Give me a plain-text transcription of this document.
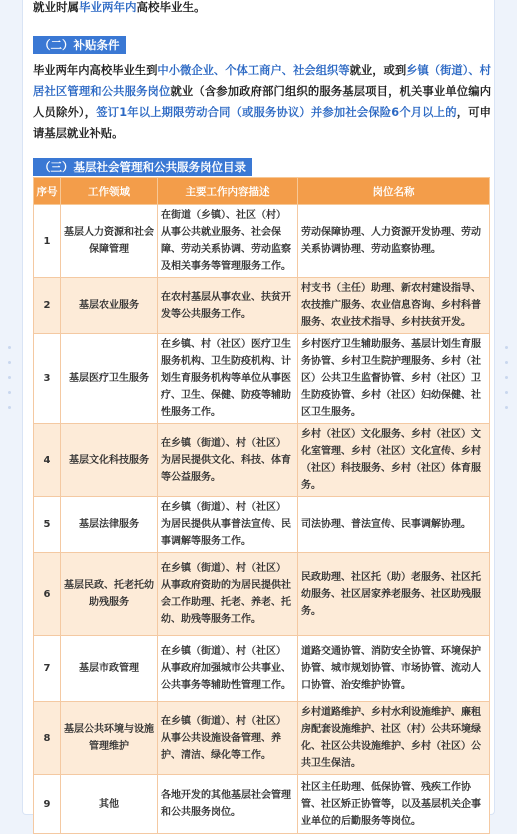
就业时属毕业两年内高校毕业生。
（二）补贴条件
毕业两年内高校毕业生到中小微企业、个体工商户、社会组织等就业，或到乡镇（街道）、村居社区管理和公共服务岗位就业（含参加政府部门组织的服务基层项目，机关事业单位编内人员除外），签订1年以上期限劳动合同（或服务协议）并参加社会保险6个月以上的，可申请基层就业补贴。
（三）基层社会管理和公共服务岗位目录
序号	工作领域	主要工作内容描述	岗位名称
1	基层人力资源和社会保障管理	在街道（乡镇）、社区（村）从事公共就业服务、社会保障、劳动关系协调、劳动监察及相关事务等管理服务工作。	劳动保障协理、人力资源开发协理、劳动关系协调协理、劳动监察协理。
2	基层农业服务	在农村基层从事农业、扶贫开发等公共服务工作。	村支书（主任）助理、新农村建设指导、农技推广服务、农业信息咨询、乡村科普服务、农业技术指导、乡村扶贫开发。
3	基层医疗卫生服务	在乡镇、村（社区）医疗卫生服务机构、卫生防疫机构、计划生育服务机构等单位从事医疗、卫生、保健、防疫等辅助性服务工作。	乡村医疗卫生辅助服务、基层计划生育服务协管、乡村卫生院护理服务、乡村（社区）公共卫生监督协管、乡村（社区）卫生防疫协管、乡村（社区）妇幼保健、社区卫生服务。
4	基层文化科技服务	在乡镇（街道）、村（社区）为居民提供文化、科技、体育等公益服务。	乡村（社区）文化服务、乡村（社区）文化室管理、乡村（社区）文化宣传、乡村（社区）科技服务、乡村（社区）体育服务。
5	基层法律服务	在乡镇（街道）、村（社区）为居民提供从事普法宣传、民事调解等服务工作。	司法协理、普法宣传、民事调解协理。
6	基层民政、托老托幼助残服务	在乡镇（街道）、村（社区）从事政府资助的为居民提供社会工作助理、托老、养老、托幼、助残等服务工作。	民政助理、社区托（助）老服务、社区托幼服务、社区居家养老服务、社区助残服务。
7	基层市政管理	在乡镇（街道）、村（社区）从事政府加强城市公共事业、公共事务等辅助性管理工作。	道路交通协管、消防安全协管、环境保护协管、城市规划协管、市场协管、流动人口协管、治安维护协管。
8	基层公共环境与设施管理维护	在乡镇（街道）、村（社区）从事公共设施设备管理、养护、清洁、绿化等工作。	乡村道路维护、乡村水利设施维护、廉租房配套设施维护、社区（村）公共环境绿化、社区公共设施维护、乡村（社区）公共卫生保洁。
9	其他	各地开发的其他基层社会管理和公共服务岗位。	社区主任助理、低保协管、残疾工作协管、社区矫正协管等，以及基层机关企事业单位的后勤服务等岗位。
